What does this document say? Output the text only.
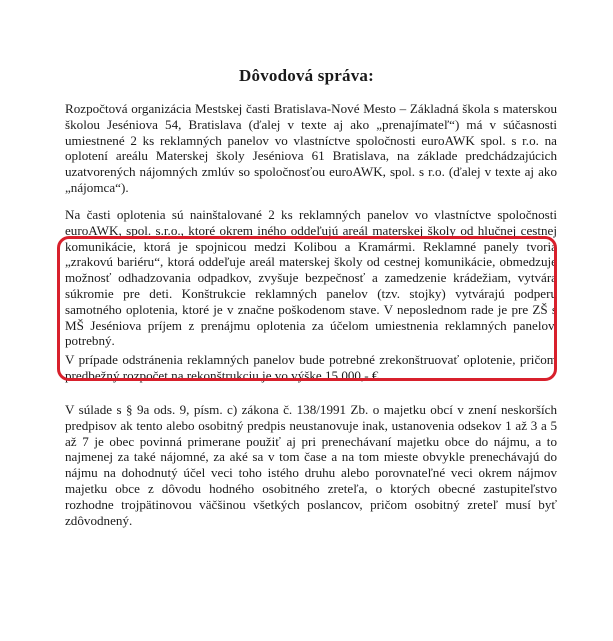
Dôvodová správa:

Rozpočtová organizácia Mestskej časti Bratislava-Nové Mesto – Základná škola s materskou školou Jeséniova 54, Bratislava (ďalej v texte aj ako „prenajímateľ“) má v súčasnosti umiestnené 2 ks reklamných panelov vo vlastníctve spoločnosti euroAWK spol. s r.o. na oplotení areálu Materskej školy Jeséniova 61 Bratislava, na základe predchádzajúcich uzatvorených nájomných zmlúv so spoločnosťou euroAWK, spol. s r.o. (ďalej v texte aj ako „nájomca“).

Na časti oplotenia sú nainštalované 2 ks reklamných panelov vo vlastníctve spoločnosti euroAWK, spol. s.r.o., ktoré okrem iného oddeľujú areál materskej školy od hlučnej cestnej komunikácie, ktorá je spojnicou medzi Kolibou a Kramármi. Reklamné panely tvoria „zrakovú bariéru“, ktorá oddeľuje areál materskej školy od cestnej komunikácie, obmedzuje možnosť odhadzovania odpadkov, zvyšuje bezpečnosť a zamedzenie krádežiam, vytvára súkromie pre deti. Konštrukcie reklamných panelov (tzv. stojky) vytvárajú podperu samotného oplotenia, ktoré je v značne poškodenom stave. V neposlednom rade je pre ZŠ s MŠ Jeséniova príjem z prenájmu oplotenia za účelom umiestnenia reklamných panelov, potrebný.

V prípade odstránenia reklamných panelov bude potrebné zrekonštruovať oplotenie, pričom predbežný rozpočet na rekonštrukciu je vo výške 15.000,- €.

V súlade s § 9a ods. 9, písm. c) zákona č. 138/1991 Zb. o majetku obcí v znení neskorších predpisov ak tento alebo osobitný predpis neustanovuje inak, ustanovenia odsekov 1 až 3 a 5 až 7 je obec povinná primerane použiť aj pri prenechávaní majetku obce do nájmu, a to najmenej za také nájomné, za aké sa v tom čase a na tom mieste obvykle prenechávajú do nájmu na dohodnutý účel veci toho istého druhu alebo porovnateľné veci okrem nájmov majetku obce z dôvodu hodného osobitného zreteľa, o ktorých obecné zastupiteľstvo rozhodne trojpätinovou väčšinou všetkých poslancov, pričom osobitný zreteľ musí byť zdôvodnený.
